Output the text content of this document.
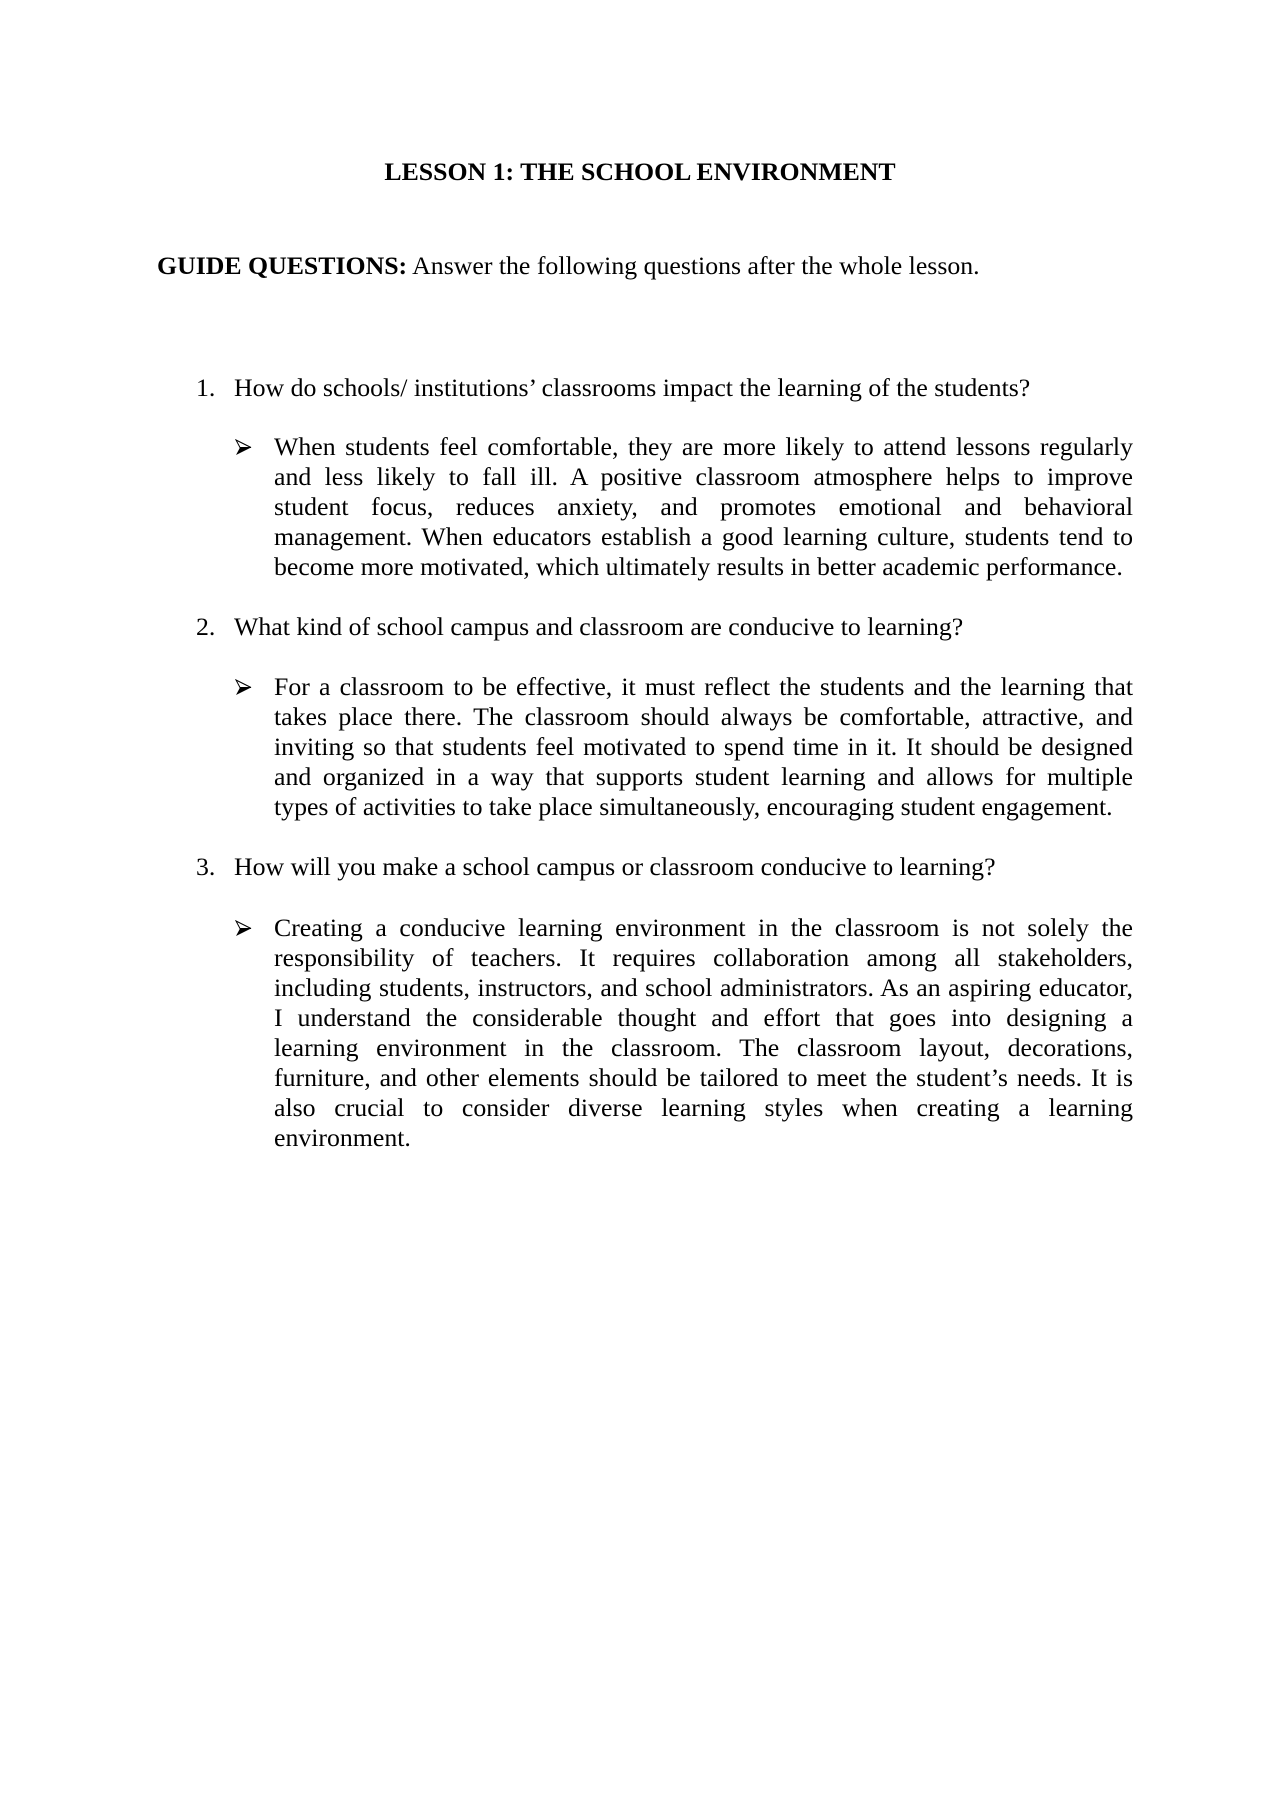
LESSON 1: THE SCHOOL ENVIRONMENT
GUIDE QUESTIONS: Answer the following questions after the whole lesson.
1. How do schools/ institutions’ classrooms impact the learning of the students?
When students feel comfortable, they are more likely to attend lessons regularly
and less likely to fall ill. A positive classroom atmosphere helps to improve
student focus, reduces anxiety, and promotes emotional and behavioral
management. When educators establish a good learning culture, students tend to
become more motivated, which ultimately results in better academic performance.
2. What kind of school campus and classroom are conducive to learning?
For a classroom to be effective, it must reflect the students and the learning that
takes place there. The classroom should always be comfortable, attractive, and
inviting so that students feel motivated to spend time in it. It should be designed
and organized in a way that supports student learning and allows for multiple
types of activities to take place simultaneously, encouraging student engagement.
3. How will you make a school campus or classroom conducive to learning?
Creating a conducive learning environment in the classroom is not solely the
responsibility of teachers. It requires collaboration among all stakeholders,
including students, instructors, and school administrators. As an aspiring educator,
I understand the considerable thought and effort that goes into designing a
learning environment in the classroom. The classroom layout, decorations,
furniture, and other elements should be tailored to meet the student’s needs. It is
also crucial to consider diverse learning styles when creating a learning
environment.
